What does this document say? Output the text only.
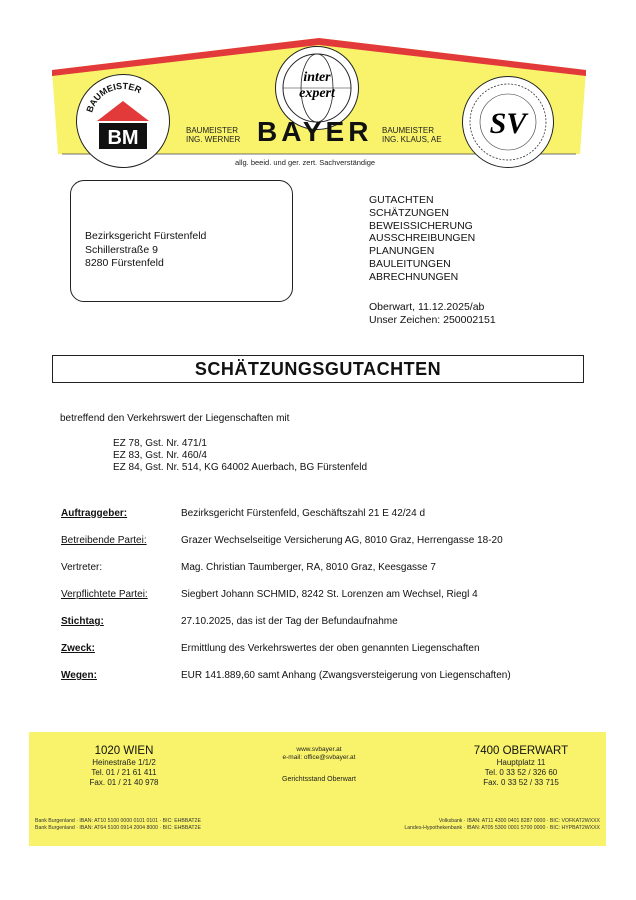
BAUMEISTER
BM
inter
expert
SV
BAYER
BAUMEISTER
ING. WERNER
BAUMEISTER
ING. KLAUS, AE
allg. beeid. und ger. zert. Sachverständige
Bezirksgericht Fürstenfeld
Schillerstraße 9
8280 Fürstenfeld
GUTACHTEN
SCHÄTZUNGEN
BEWEISSICHERUNG
AUSSCHREIBUNGEN
PLANUNGEN
BAULEITUNGEN
ABRECHNUNGEN
Oberwart, 11.12.2025/ab
Unser Zeichen: 250002151
SCHÄTZUNGSGUTACHTEN
betreffend den Verkehrswert der Liegenschaften mit
EZ 78, Gst. Nr. 471/1
EZ 83, Gst. Nr. 460/4
EZ 84, Gst. Nr. 514, KG 64002 Auerbach, BG Fürstenfeld
Auftraggeber:	Bezirksgericht Fürstenfeld, Geschäftszahl 21 E 42/24 d
Betreibende Partei:	Grazer Wechselseitige Versicherung AG, 8010 Graz, Herrengasse 18-20
Vertreter:	Mag. Christian Taumberger, RA, 8010 Graz, Keesgasse 7
Verpflichtete Partei:	Siegbert Johann SCHMID, 8242 St. Lorenzen am Wechsel, Riegl 4
Stichtag:	27.10.2025, das ist der Tag der Befundaufnahme
Zweck:	Ermittlung des Verkehrswertes der oben genannten Liegenschaften
Wegen:	EUR 141.889,60 samt Anhang (Zwangsversteigerung von Liegenschaften)
1020 WIEN
Heinestraße 1/1/2
Tel. 01 / 21 61 411
Fax. 01 / 21 40 978
www.svbayer.at
e-mail: office@svbayer.at
Gerichtsstand Oberwart
7400 OBERWART
Hauptplatz 11
Tel. 0 33 52 / 326 60
Fax. 0 33 52 / 33 715
Bank Burgenland · IBAN: AT10 5100 0000 0101 0101 · BIC: EHBBAT2E
Bank Burgenland · IBAN: AT64 5100 0914 2004 8000 · BIC: EHBBAT2E
Volksbank · IBAN: AT11 4300 0401 8287 0000 · BIC: VOFKAT2WXXX
Landes-Hypothekenbank · IBAN: AT05 5300 0001 5700 0000 · BIC: HYPBAT2WXXX
